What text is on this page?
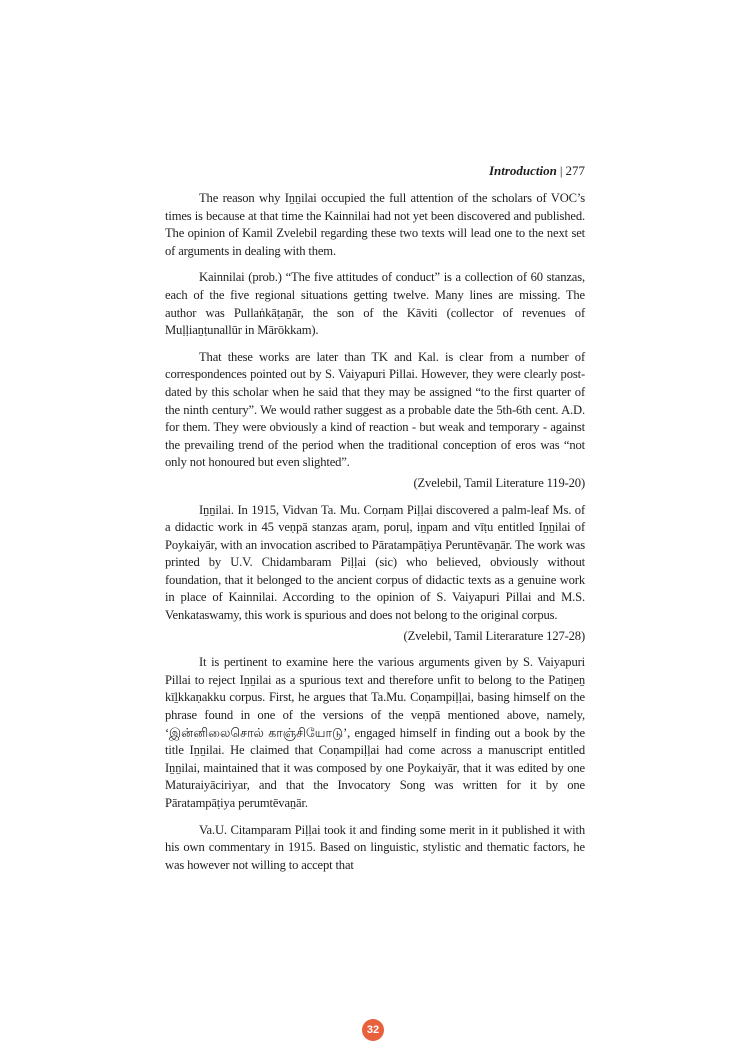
Introduction | 277

The reason why Iṉṉilai occupied the full attention of the scholars of VOC’s times is because at that time the Kainnilai had not yet been discovered and published. The opinion of Kamil Zvelebil regarding these two texts will lead one to the next set of arguments in dealing with them.

Kainnilai (prob.) “The five attitudes of conduct” is a collection of 60 stanzas, each of the five regional situations getting twelve. Many lines are missing. The author was Pullaṅkāṭaṉār, the son of the Kāviti (collector of revenues of Muḷḷiaṉṭunallūr in Mārōkkam).

That these works are later than TK and Kal. is clear from a number of correspondences pointed out by S. Vaiyapuri Pillai. However, they were clearly post-dated by this scholar when he said that they may be assigned “to the first quarter of the ninth century”. We would rather suggest as a probable date the 5th-6th cent. A.D. for them. They were obviously a kind of reaction - but weak and temporary - against the prevailing trend of the period when the traditional conception of eros was “not only not honoured but even slighted”.

(Zvelebil, Tamil Literature 119-20)

Iṉṉilai. In 1915, Vidvan Ta. Mu. Corṇam Piḷḷai discovered a palm-leaf Ms. of a didactic work in 45 veṇpā stanzas aṟam, poruḷ, iṉpam and vīṭu entitled Iṉṉilai of Poykaiyār, with an invocation ascribed to Pāratampāṭiya Peruntēvaṉār. The work was printed by U.V. Chidambaram Piḷḷai (sic) who believed, obviously without foundation, that it belonged to the ancient corpus of didactic texts as a genuine work in place of Kainnilai. According to the opinion of S. Vaiyapuri Pillai and M.S. Venkataswamy, this work is spurious and does not belong to the original corpus.

(Zvelebil, Tamil Literarature 127-28)

It is pertinent to examine here the various arguments given by S. Vaiyapuri Pillai to reject Iṉṉilai as a spurious text and therefore unfit to belong to the Patiṉeṉ kīḻkkaṇakku corpus. First, he argues that Ta.Mu. Coṇampiḷḷai, basing himself on the phrase found in one of the versions of the veṇpā mentioned above, namely, ‘இன்னிலைசொல் காஞ்சியோடு’, engaged himself in finding out a book by the title Iṉṉilai. He claimed that Coṇampiḷḷai had come across a manuscript entitled Iṉṉilai, maintained that it was composed by one Poykaiyār, that it was edited by one Maturaiyāciriyar, and that the Invocatory Song was written for it by one Pāratampāṭiya perumtēvaṉār.

Va.U. Citamparam Piḷḷai took it and finding some merit in it published it with his own commentary in 1915. Based on linguistic, stylistic and thematic factors, he was however not willing to accept that

32
